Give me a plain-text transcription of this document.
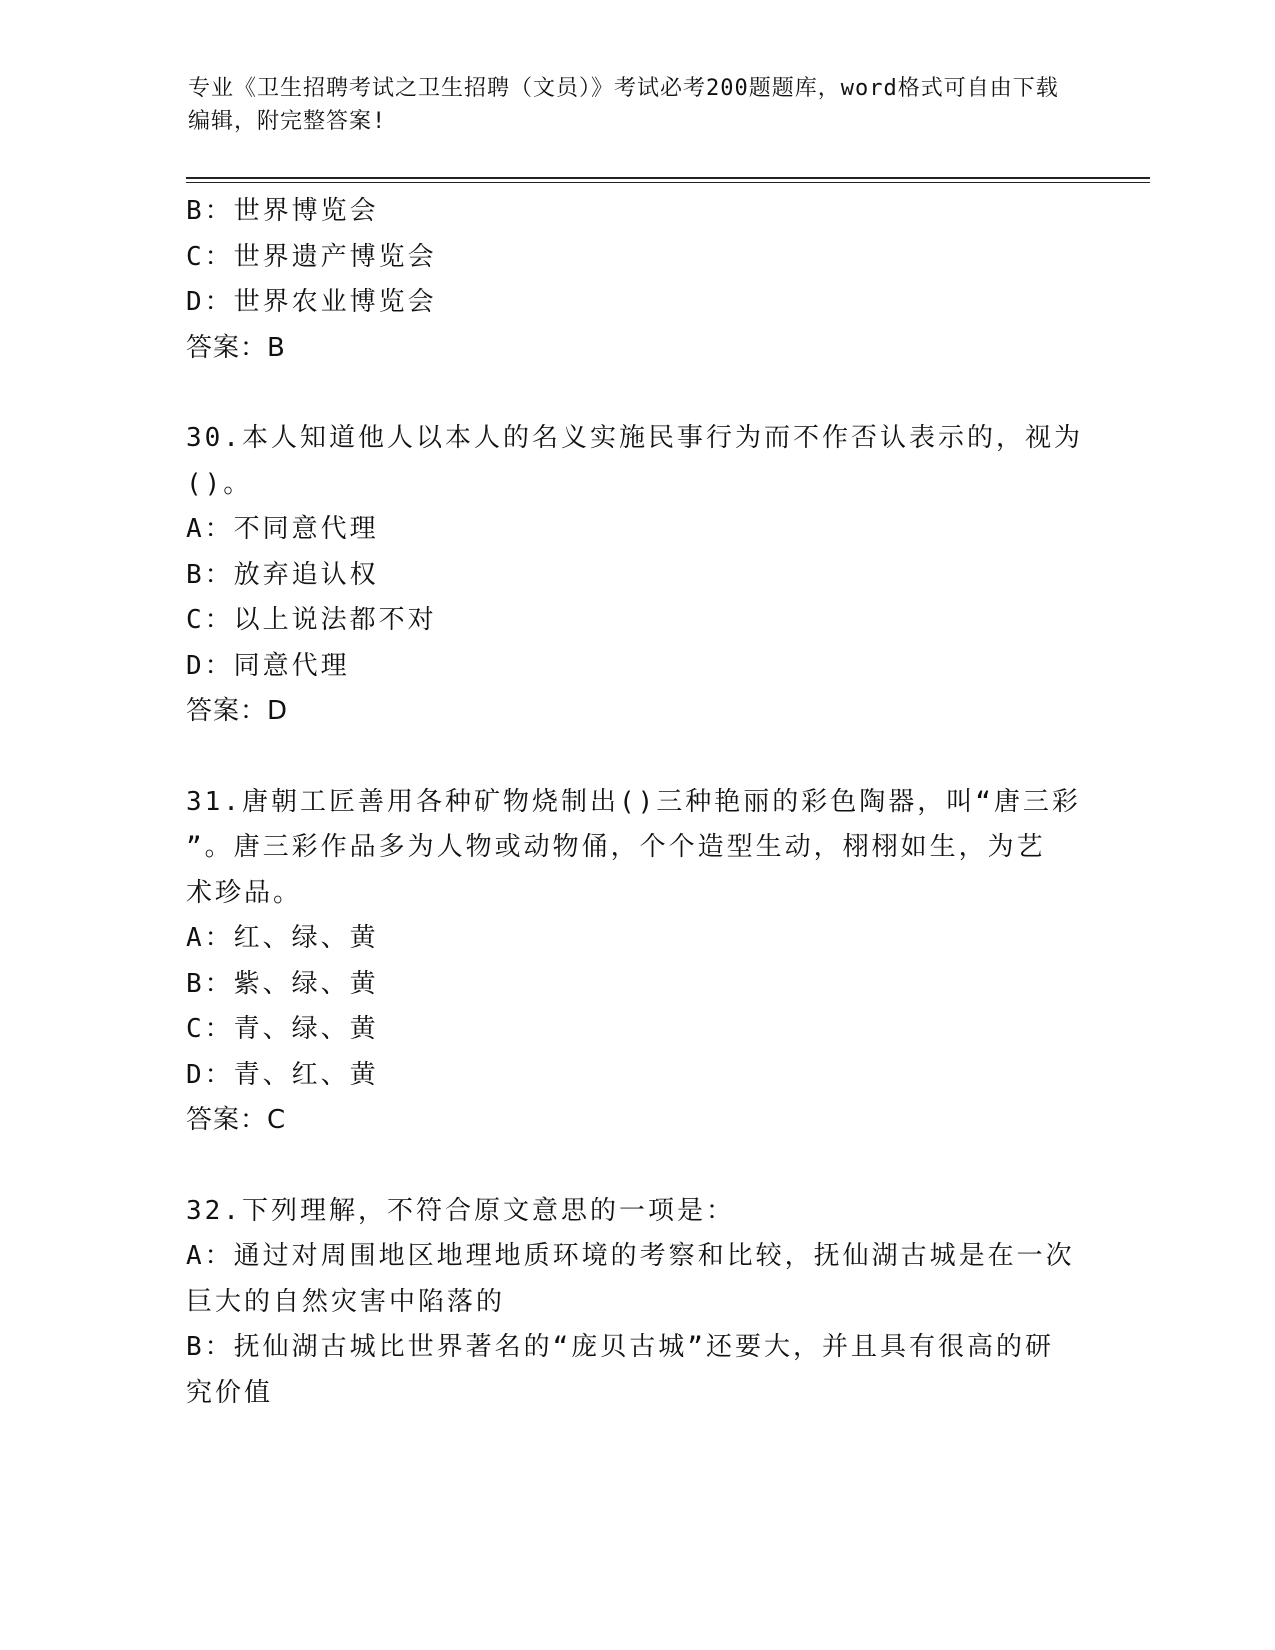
专业《卫生招聘考试之卫生招聘（文员）》考试必考200题题库，word格式可自由下载编辑，附完整答案!
B：世界博览会
C：世界遗产博览会
D：世界农业博览会
答案：B
30.本人知道他人以本人的名义实施民事行为而不作否认表示的，视为
()。
A：不同意代理
B：放弃追认权
C：以上说法都不对
D：同意代理
答案：D
31.唐朝工匠善用各种矿物烧制出()三种艳丽的彩色陶器，叫“唐三彩
”。唐三彩作品多为人物或动物俑，个个造型生动，栩栩如生，为艺
术珍品。
A：红、绿、黄
B：紫、绿、黄
C：青、绿、黄
D：青、红、黄
答案：C
32.下列理解，不符合原文意思的一项是：
A：通过对周围地区地理地质环境的考察和比较，抚仙湖古城是在一次
巨大的自然灾害中陷落的
B：抚仙湖古城比世界著名的“庞贝古城”还要大，并且具有很高的研
究价值
